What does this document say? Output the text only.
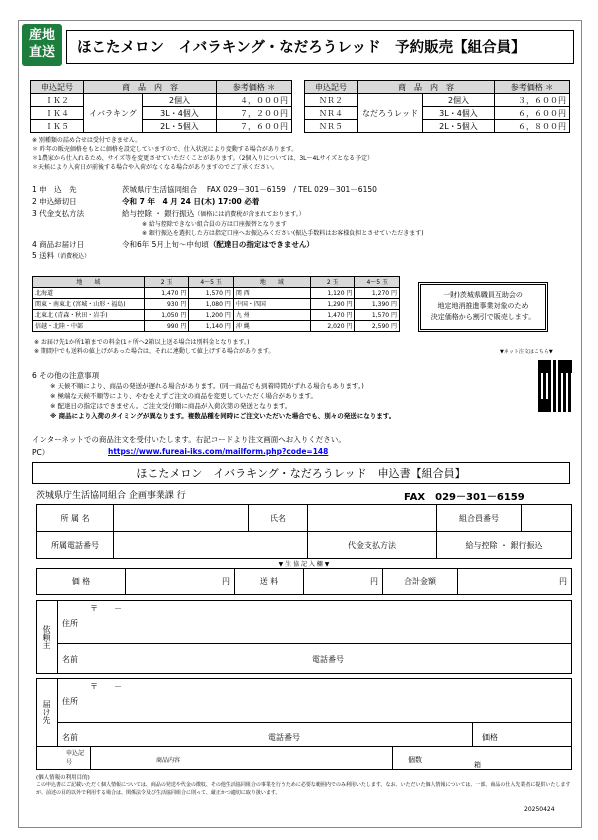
産地
直送	ほこたメロン　イバラキング・なだろうレッド　予約販売【組合員】
申込記号	商　品　内　容		参考価格 ＊
ＩＫ２	イバラキング	2個入	４，０００円
ＩＫ４		3L・4個入	７，２００円
ＩＫ５		2L・5個入	７，６００円
申込記号	商　品　内　容		参考価格 ＊
ＮＲ２	なだろうレッド	2個入	３，６００円
ＮＲ４		3L・4個入	６，６００円
ＮＲ５		2L・5個入	６，８００円
※ 別種類の詰め合せは受付できません。
＊ 昨年の販売価格をもとに価格を設定していますので、仕入状況により変動する場合があります。
＊1農家から仕入れるため、サイズ等を変更させていただくことがあります。（2個入りについては、3L〜4Lサイズとなる予定）
＊天候により入荷日が前後する場合や入荷がなくなる場合がありますのでご了承ください。
1 申　込　先	茨城県庁生活協同組合　 FAX 029－301－6159　/ TEL 029－301－6150
2 申込締切日	令和 7 年　4 月 24 日(木) 17:00 必着
3 代金支払方法	給与控除 ・ 銀行振込（価格には消費税が含まれております。）
※ 給与控除できない組合員の方は口座振替となります
※ 銀行振込を選択した方は指定口座へお振込みください(振込手数料はお客様負担とさせていただきます)
4 商品お届け日	令和6年 5月上旬～中旬頃（配達日の指定はできません）
5 送料（消費税込）
地　　域	2 玉	4〜5 玉	地　　域	2 玉	4〜5 玉
北海道	1,470 円	1,570 円	関 西	1,120 円	1,270 円
関東・南東北 (宮城・山形・福島)	930 円	1,080 円	中国・四国	1,290 円	1,390 円
北東北 (青森・秋田・岩手)	1,050 円	1,200 円	九 州	1,470 円	1,570 円
信越・北陸・中部	990 円	1,140 円	沖 縄	2,020 円	2,590 円
※ お届け先1か所1箱までの料金(1ヶ所へ2箱以上送る場合は別料金となります。)
※ 期間中でも送料の値上げがあった場合は、それに連動して値上げする場合があります。
一財)茨城県職員互助会の
地定地消推進事業対象のため
決定価格から割引で販売します。
▼ネット注文はこちら▼
6 その他の注意事項
※ 天候不順により、商品の発送が遅れる場合があります。(同一商品でも到着時間がずれる場合もあります。)
※ 極端な天候不順等により、やむをえずご注文の商品を変更していただく場合があります。
※ 配達日の指定はできません。ご注文受付順に商品が入荷次第の発送となります。
※ 商品により入荷のタイミングが異なります。複数品種を同時にご注文いただいた場合でも、別々の発送になります。
インターネットでの商品注文を受付いたします。右記コードより注文画面へお入りください。
PC）	https://www.fureai-iks.com/mailform.php?code=148
ほこたメロン　イバラキング・なだろうレッド　申込書【組合員】
茨城県庁生活協同組合 企画事業課 行	FAX　029－301－6159
所 属 名		氏名		組合員番号	
所属電話番号			代金支払方法	給与控除 ・ 銀行振込	
▼ 生 協 記 入 欄 ▼
価 格	円	送 料	円	合計金額	円
依頼主
〒　　－
住所
名前	電話番号
届け先
〒　　－
住所
名前	電話番号	価格
申込記号	商品内容	個数
箱
(個人情報の利用目的)
この申込書にご記載いただく個人情報については、商品の発送や代金の徴収、その他生活協同組合の事業を行うために必要な範囲内でのみ利用いたします。なお、いただいた個人情報については、一部、商品の仕入先業者に提供いたしますが、前述の目的以外で利用する場合は、関係法令及び生活協同組合に則って、厳正かつ適切に取り扱います。
20250424
